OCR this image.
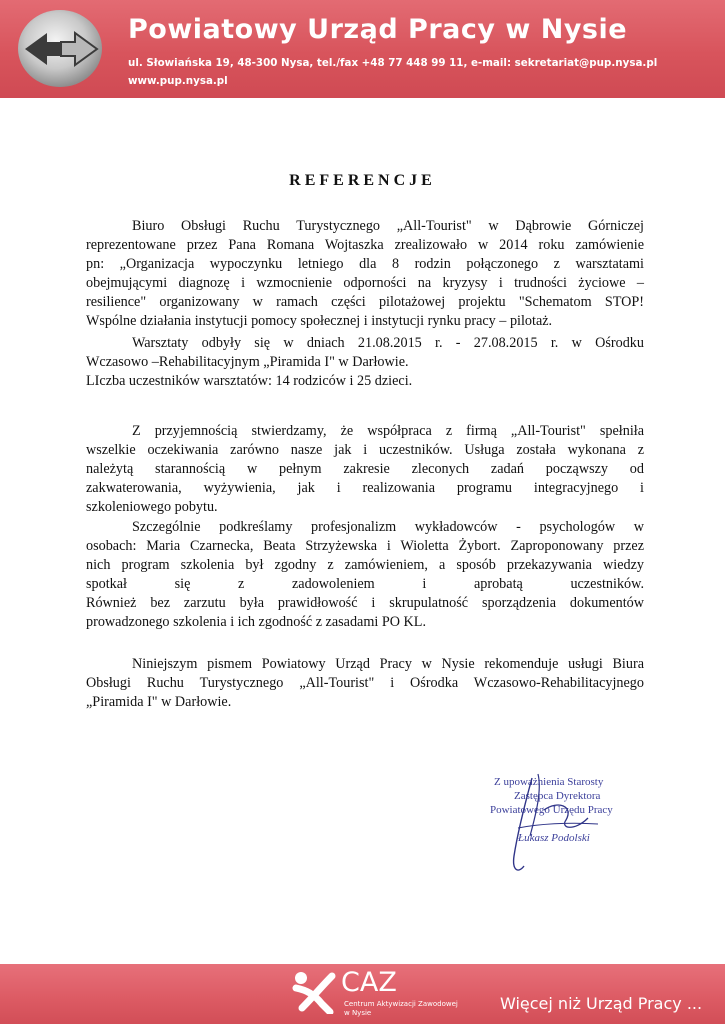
Powiatowy Urząd Pracy w Nysie
ul. Słowiańska 19, 48-300 Nysa, tel./fax +48 77 448 99 11, e-mail: sekretariat@pup.nysa.pl
www.pup.nysa.pl
REFERENCJE

Biuro Obsługi Ruchu Turystycznego „All-Tourist" w Dąbrowie Górniczej

reprezentowane przez Pana Romana Wojtaszka zrealizowało w 2014 roku zamówienie

pn: „Organizacja wypoczynku letniego dla 8 rodzin połączonego z warsztatami

obejmującymi diagnozę i wzmocnienie odporności na kryzysy i trudności życiowe –

resilience" organizowany w ramach części pilotażowej projektu "Schematom STOP!

Wspólne działania instytucji pomocy społecznej i instytucji rynku pracy – pilotaż.

Warsztaty odbyły się w dniach 21.08.2015 r. - 27.08.2015 r. w Ośrodku

Wczasowo –Rehabilitacyjnym „Piramida I" w Darłowie.

LIczba uczestników warsztatów: 14 rodziców i 25 dzieci.

Z przyjemnością stwierdzamy, że współpraca z firmą „All-Tourist" spełniła

wszelkie oczekiwania zarówno nasze jak i uczestników. Usługa została wykonana z

należytą starannością w pełnym zakresie zleconych zadań począwszy od

zakwaterowania, wyżywienia, jak i realizowania programu integracyjnego i

szkoleniowego pobytu.

Szczególnie podkreślamy profesjonalizm wykładowców - psychologów w

osobach: Maria Czarnecka, Beata Strzyżewska i Wioletta Żybort. Zaproponowany przez

nich program szkolenia był zgodny z zamówieniem, a sposób przekazywania wiedzy

spotkał się z zadowoleniem i aprobatą uczestników.

Również bez zarzutu była prawidłowość i skrupulatność sporządzenia dokumentów

prowadzonego szkolenia i ich zgodność z zasadami PO KL.

Niniejszym pismem Powiatowy Urząd Pracy w Nysie rekomenduje usługi Biura

Obsługi Ruchu Turystycznego „All-Tourist" i Ośrodka Wczasowo-Rehabilitacyjnego

„Piramida I" w Darłowie.

Z upoważnienia Starosty
Zastępca Dyrektora
Powiatowego Urzędu Pracy
Łukasz Podolski
CAZ
Centrum Aktywizacji Zawodowej
w Nysie	Więcej niż Urząd Pracy ...
